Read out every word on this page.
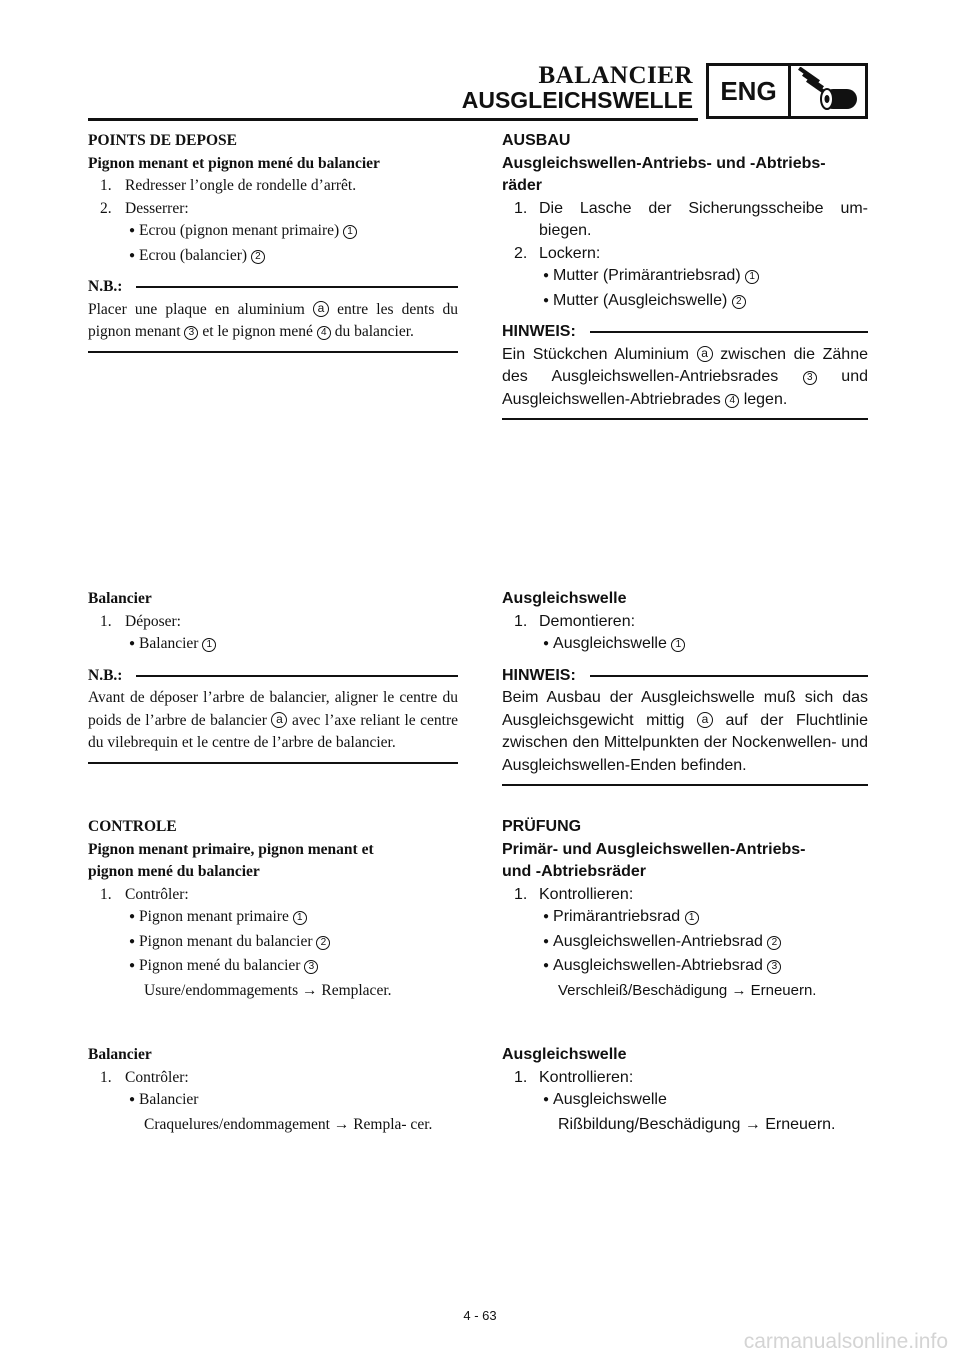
BALANCIER
AUSGLEICHSWELLE	ENG
POINTS DE DEPOSE
Pignon menant et pignon mené du balancier
1. Redresser l’ongle de rondelle d’arrêt.
2. Desserrer:
● Ecrou (pignon menant primaire) 1
● Ecrou (balancier) 2
N.B.:
Placer une plaque en aluminium a entre les dents du pignon menant 3 et le pignon mené 4 du balancier.
AUSBAU
Ausgleichswellen-Antriebs- und -Abtriebs- räder
1. Die Lasche der Sicherungsscheibe um- biegen.
2. Lockern:
● Mutter (Primärantriebsrad) 1
● Mutter (Ausgleichswelle) 2
HINWEIS:
Ein Stückchen Aluminium a zwischen die Zähne des Ausgleichswellen-Antriebsrades	3 und Ausgleichswellen-Abtriebrades 4 legen.
Balancier
1. Déposer:
● Balancier 1
N.B.:
Avant de déposer l’arbre de balancier, aligner le centre du poids de l’arbre de balancier a avec l’axe reliant le centre du vilebrequin et le centre de l’arbre de balancier.
Ausgleichswelle
1. Demontieren:
● Ausgleichswelle 1
HINWEIS:
Beim Ausbau der Ausgleichswelle muß sich das Ausgleichsgewicht mittig a auf der Fluchtlinie zwischen den Mittelpunkten der Nockenwellen- und Ausgleichswellen-Enden befinden.
CONTROLE
Pignon menant primaire, pignon menant et
pignon mené du balancier
1. Contrôler:
● Pignon menant primaire 1
● Pignon menant du balancier 2
● Pignon mené du balancier 3
Usure/endommagements → Remplacer.
PRÜFUNG
Primär- und Ausgleichswellen-Antriebs-
und -Abtriebsräder
1. Kontrollieren:
● Primärantriebsrad 1
● Ausgleichswellen-Antriebsrad 2
● Ausgleichswellen-Abtriebsrad 3
Verschleiß/Beschädigung → Erneuern.
Balancier
1. Contrôler:
● Balancier
Craquelures/endommagement → Rempla- cer.
Ausgleichswelle
1. Kontrollieren:
● Ausgleichswelle
Rißbildung/Beschädigung → Erneuern.
4 - 63
carmanualsonline.info
